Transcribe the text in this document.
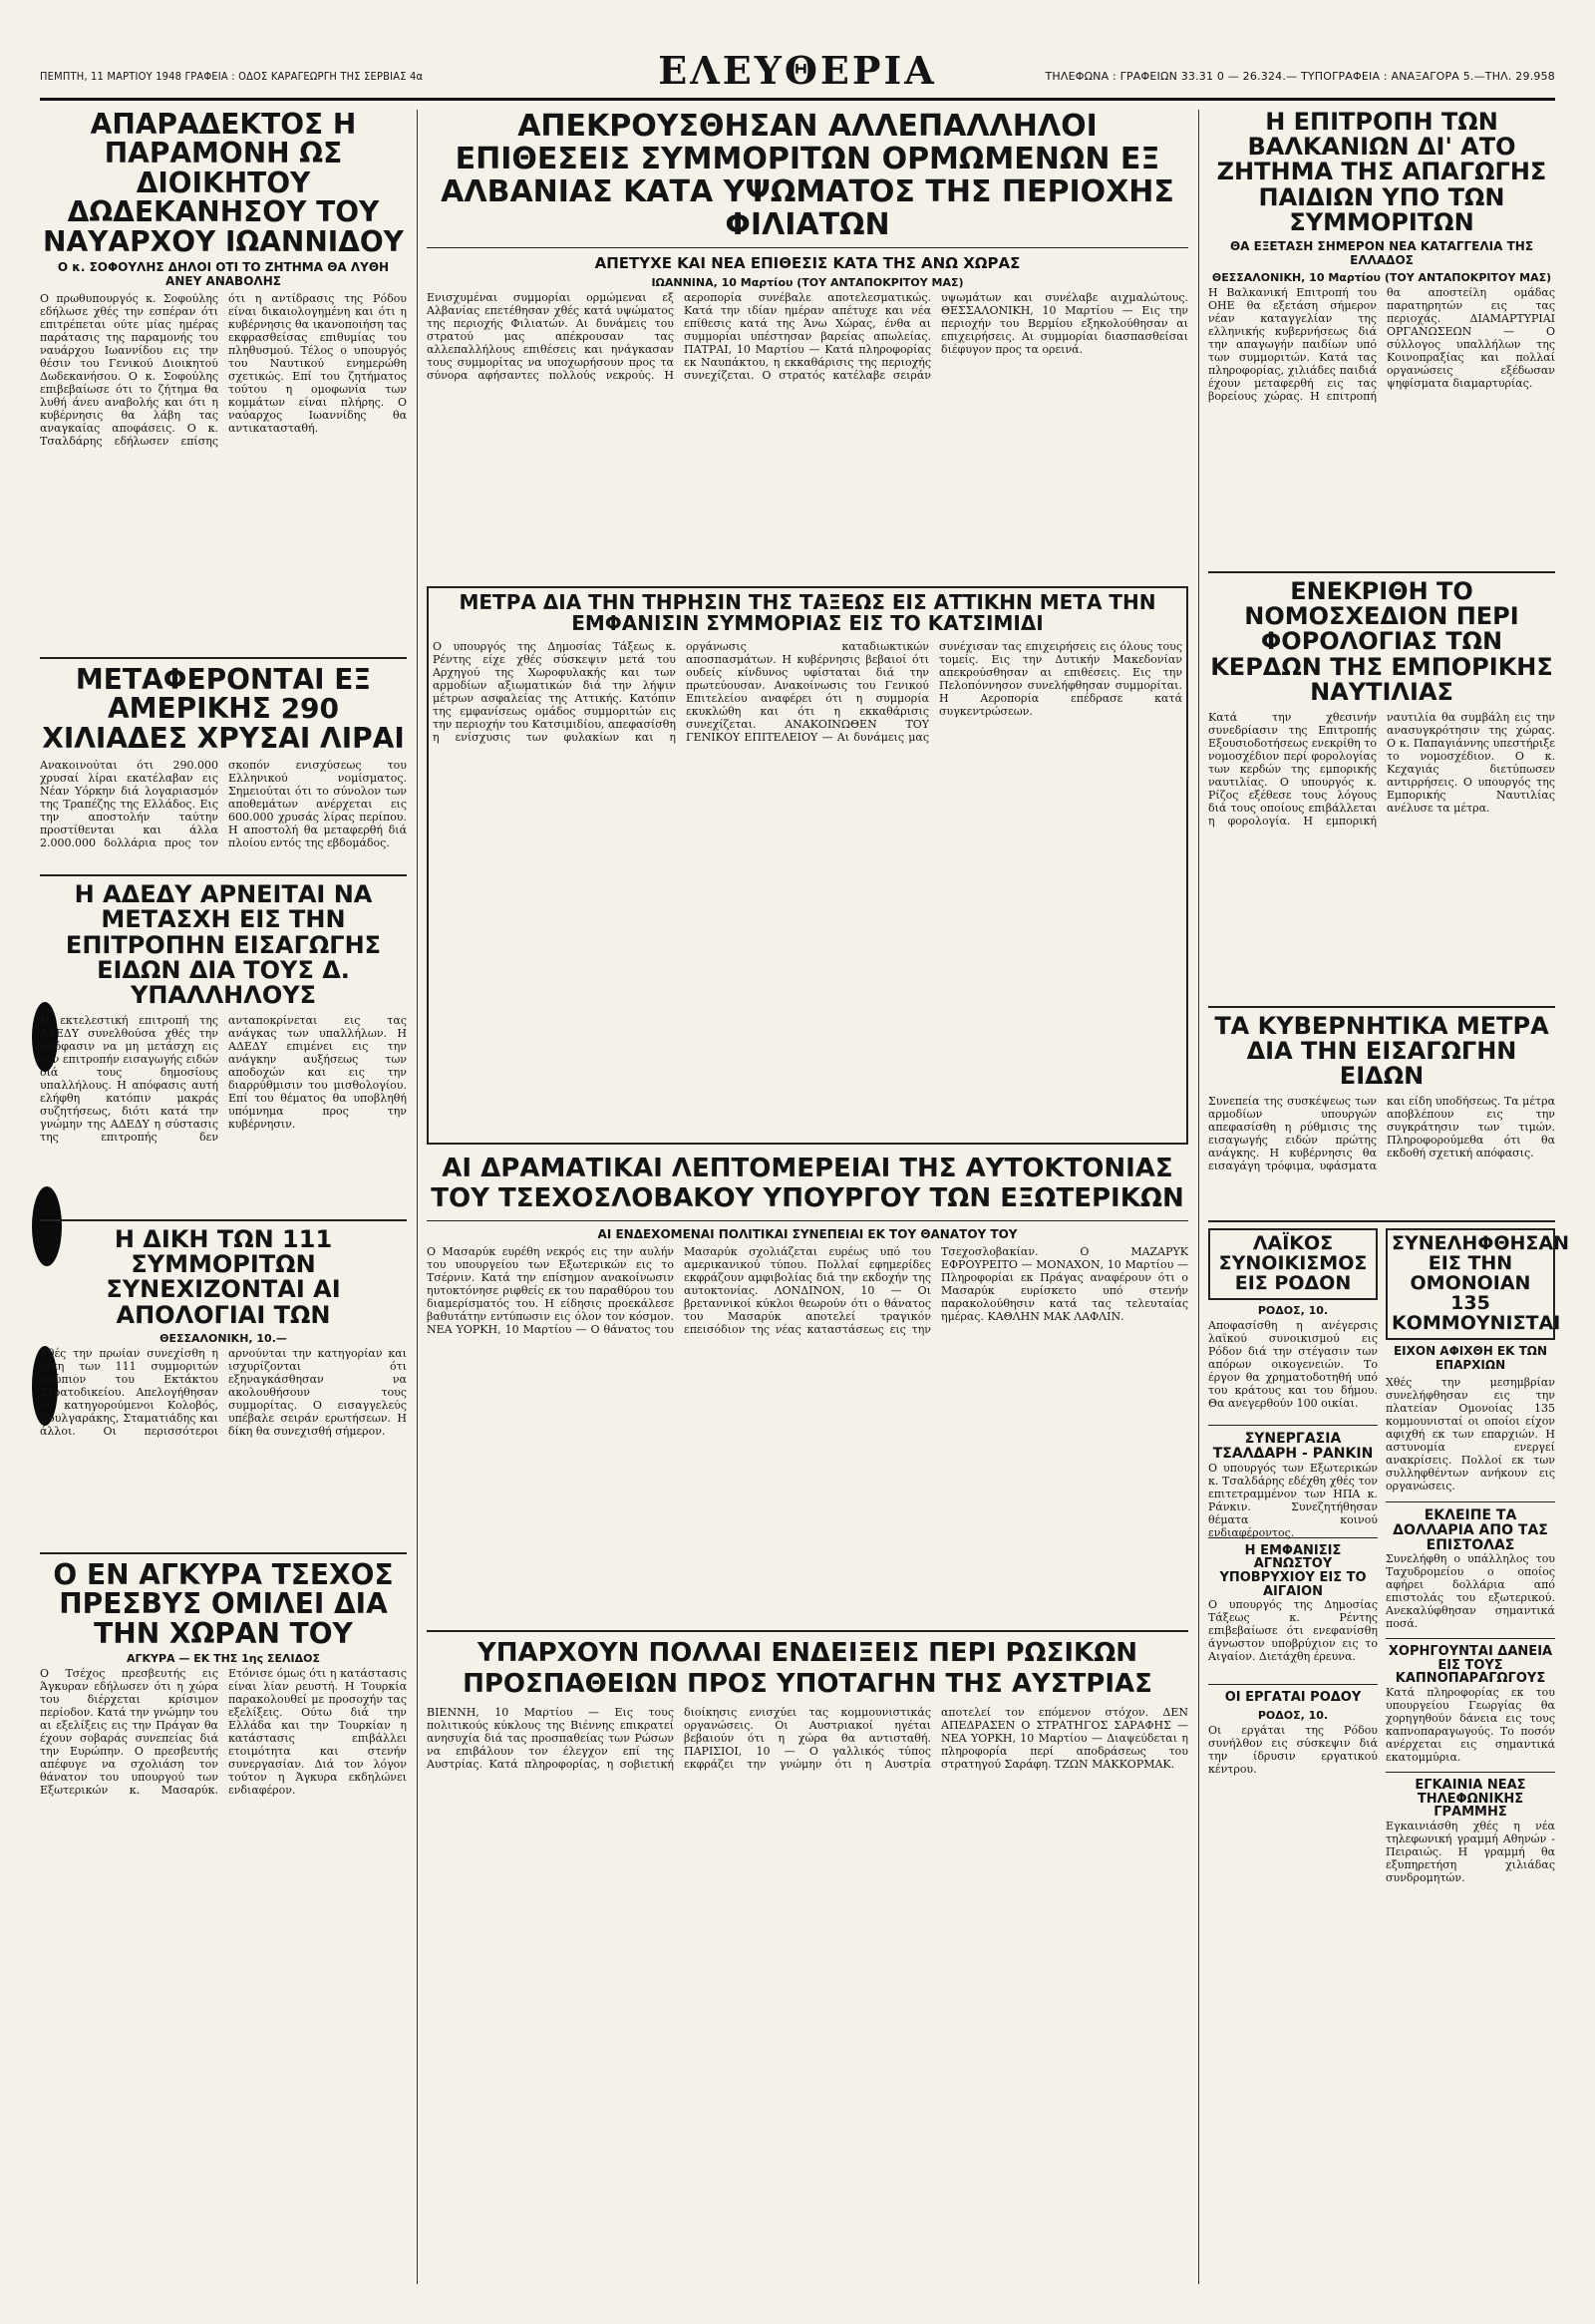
ΠΕΜΠΤΗ, 11 ΜΑΡΤΙΟΥ 1948 ΓΡΑΦΕΙΑ : ΟΔΟΣ ΚΑΡΑΓΕΩΡΓΗ ΤΗΣ ΣΕΡΒΙΑΣ 4α	ΕΛΕΥΘΕΡΙΑ	ΤΗΛΕΦΩΝΑ : ΓΡΑΦΕΙΩΝ 33.31 0 — 26.324.— ΤΥΠΟΓΡΑΦΕΙΑ : ΑΝΑΞΑΓΟΡΑ 5.—ΤΗΛ. 29.958
ΑΠΑΡΑΔΕΚΤΟΣ Η ΠΑΡΑΜΟΝΗ ΩΣ ΔΙΟΙΚΗΤΟΥ ΔΩΔΕΚΑΝΗΣΟΥ ΤΟΥ ΝΑΥΑΡΧΟΥ ΙΩΑΝΝΙΔΟΥ
Ο κ. ΣΟΦΟΥΛΗΣ ΔΗΛΟΙ ΟΤΙ ΤΟ ΖΗΤΗΜΑ ΘΑ ΛΥΘΗ ΑΝΕΥ ΑΝΑΒΟΛΗΣ

Ο πρωθυπουργός κ. Σοφούλης εδήλωσε χθές την εσπέραν ότι επιτρέπεται ούτε μίας ημέρας παράτασις της παραμονής του ναυάρχου Ιωαννίδου εις την θέσιν του Γενικού Διοικητού Δωδεκανήσου. Ο κ. Σοφούλης επιβεβαίωσε ότι το ζήτημα θα λυθή άνευ αναβολής και ότι η κυβέρνησις θα λάβη τας αναγκαίας αποφάσεις. Ο κ. Τσαλδάρης εδήλωσεν επίσης ότι η αντίδρασις της Ρόδου είναι δικαιολογημένη και ότι η κυβέρνησις θα ικανοποιήση τας εκφρασθείσας επιθυμίας του πληθυσμού. Τέλος ο υπουργός του Ναυτικού ενημερώθη σχετικώς. Επί του ζητήματος τούτου η ομοφωνία των κομμάτων είναι πλήρης. Ο ναύαρχος Ιωαννίδης θα αντικατασταθή.

ΜΕΤΑΦΕΡΟΝΤΑΙ ΕΞ ΑΜΕΡΙΚΗΣ 290 ΧΙΛΙΑΔΕΣ ΧΡΥΣΑΙ ΛΙΡΑΙ

Ανακοινούται ότι 290.000 χρυσαί λίραι εκατέλαβαν εις Νέαν Υόρκην διά λογαριασμόν της Τραπέζης της Ελλάδος. Εις την αποστολήν ταύτην προστίθενται και άλλα 2.000.000 δολλάρια προς τον σκοπόν ενισχύσεως του Ελληνικού νομίσματος. Σημειούται ότι το σύνολον των αποθεμάτων ανέρχεται εις 600.000 χρυσάς λίρας περίπου. Η αποστολή θα μεταφερθή διά πλοίου εντός της εβδομάδος.

Η ΑΔΕΔΥ ΑΡΝΕΙΤΑΙ ΝΑ ΜΕΤΑΣΧΗ ΕΙΣ ΤΗΝ ΕΠΙΤΡΟΠΗΝ ΕΙΣΑΓΩΓΗΣ ΕΙΔΩΝ ΔΙΑ ΤΟΥΣ Δ. ΥΠΑΛΛΗΛΟΥΣ

Η εκτελεστική επιτροπή της ΑΔΕΔΥ συνελθούσα χθές την απόφασιν να μη μετάσχη εις την επιτροπήν εισαγωγής ειδών διά τους δημοσίους υπαλλήλους. Η απόφασις αυτή ελήφθη κατόπιν μακράς συζητήσεως, διότι κατά την γνώμην της ΑΔΕΔΥ η σύστασις της επιτροπής δεν ανταποκρίνεται εις τας ανάγκας των υπαλλήλων. Η ΑΔΕΔΥ επιμένει εις την ανάγκην αυξήσεως των αποδοχών και εις την διαρρύθμισιν του μισθολογίου. Επί του θέματος θα υποβληθή υπόμνημα προς την κυβέρνησιν.

Η ΔΙΚΗ ΤΩΝ 111 ΣΥΜΜΟΡΙΤΩΝ ΣΥΝΕΧΙΖΟΝΤΑΙ ΑΙ ΑΠΟΛΟΓΙΑΙ ΤΩΝ
ΘΕΣΣΑΛΟΝΙΚΗ, 10.—

Χθές την πρωίαν συνεχίσθη η δίκη των 111 συμμοριτών ενώπιον του Εκτάκτου Στρατοδικείου. Απελογήθησαν οι κατηγορούμενοι Κολοβός, Βουλγαράκης, Σταματιάδης και άλλοι. Οι περισσότεροι αρνούνται την κατηγορίαν και ισχυρίζονται ότι εξηναγκάσθησαν να ακολουθήσουν τους συμμορίτας. Ο εισαγγελεύς υπέβαλε σειράν ερωτήσεων. Η δίκη θα συνεχισθή σήμερον.

Ο ΕΝ ΑΓΚΥΡΑ ΤΣΕΧΟΣ ΠΡΕΣΒΥΣ ΟΜΙΛΕΙ ΔΙΑ ΤΗΝ ΧΩΡΑΝ ΤΟΥ
ΑΓΚΥΡΑ — ΕΚ ΤΗΣ 1ης ΣΕΛΙΔΟΣ

Ο Τσέχος πρεσβευτής εις Άγκυραν εδήλωσεν ότι η χώρα του διέρχεται κρίσιμον περίοδον. Κατά την γνώμην του αι εξελίξεις εις την Πράγαν θα έχουν σοβαράς συνεπείας διά την Ευρώπην. Ο πρεσβευτής απέφυγε να σχολιάση τον θάνατον του υπουργού των Εξωτερικών κ. Μασαρύκ. Ετόνισε όμως ότι η κατάστασις είναι λίαν ρευστή. Η Τουρκία παρακολουθεί με προσοχήν τας εξελίξεις. Ούτω διά την Ελλάδα και την Τουρκίαν η κατάστασις επιβάλλει ετοιμότητα και στενήν συνεργασίαν. Διά τον λόγον τούτον η Άγκυρα εκδηλώνει ενδιαφέρον.

ΑΠΕΚΡΟΥΣΘΗΣΑΝ ΑΛΛΕΠΑΛΛΗΛΟΙ ΕΠΙΘΕΣΕΙΣ ΣΥΜΜΟΡΙΤΩΝ ΟΡΜΩΜΕΝΩΝ ΕΞ ΑΛΒΑΝΙΑΣ ΚΑΤΑ ΥΨΩΜΑΤΟΣ ΤΗΣ ΠΕΡΙΟΧΗΣ ΦΙΛΙΑΤΩΝ
ΑΠΕΤΥΧΕ ΚΑΙ ΝΕΑ ΕΠΙΘΕΣΙΣ ΚΑΤΑ ΤΗΣ ΑΝΩ ΧΩΡΑΣ
ΙΩΑΝΝΙΝΑ, 10 Μαρτίου (ΤΟΥ ΑΝΤΑΠΟΚΡΙΤΟΥ ΜΑΣ)

Ενισχυμέναι συμμορίαι ορμώμεναι εξ Αλβανίας επετέθησαν χθές κατά υψώματος της περιοχής Φιλιατών. Αι δυνάμεις του στρατού μας απέκρουσαν τας αλλεπαλλήλους επιθέσεις και ηνάγκασαν τους συμμορίτας να υποχωρήσουν προς τα σύνορα αφήσαντες πολλούς νεκρούς. Η αεροπορία συνέβαλε αποτελεσματικώς. Κατά την ιδίαν ημέραν απέτυχε και νέα επίθεσις κατά της Άνω Χώρας, ένθα αι συμμορίαι υπέστησαν βαρείας απωλείας. ΠΑΤΡΑΙ, 10 Μαρτίου — Κατά πληροφορίας εκ Ναυπάκτου, η εκκαθάρισις της περιοχής συνεχίζεται. Ο στρατός κατέλαβε σειράν υψωμάτων και συνέλαβε αιχμαλώτους. ΘΕΣΣΑΛΟΝΙΚΗ, 10 Μαρτίου — Εις την περιοχήν του Βερμίου εξηκολούθησαν αι επιχειρήσεις. Αι συμμορίαι διασπασθείσαι διέφυγον προς τα ορεινά.

ΜΕΤΡΑ ΔΙΑ ΤΗΝ ΤΗΡΗΣΙΝ ΤΗΣ ΤΑΞΕΩΣ ΕΙΣ ΑΤΤΙΚΗΝ ΜΕΤΑ ΤΗΝ ΕΜΦΑΝΙΣΙΝ ΣΥΜΜΟΡΙΑΣ ΕΙΣ ΤΟ ΚΑΤΣΙΜΙΔΙ

Ο υπουργός της Δημοσίας Τάξεως κ. Ρέντης είχε χθές σύσκεψιν μετά του Αρχηγού της Χωροφυλακής και των αρμοδίων αξιωματικών διά την λήψιν μέτρων ασφαλείας της Αττικής. Κατόπιν της εμφανίσεως ομάδος συμμοριτών εις την περιοχήν του Κατσιμιδίου, απεφασίσθη η ενίσχυσις των φυλακίων και η οργάνωσις καταδιωκτικών αποσπασμάτων. Η κυβέρνησις βεβαιοί ότι ουδείς κίνδυνος υφίσταται διά την πρωτεύουσαν. Ανακοίνωσις του Γενικού Επιτελείου αναφέρει ότι η συμμορία εκυκλώθη και ότι η εκκαθάρισις συνεχίζεται. ΑΝΑΚΟΙΝΩΘΕΝ ΤΟΥ ΓΕΝΙΚΟΥ ΕΠΙΤΕΛΕΙΟΥ — Αι δυνάμεις μας συνέχισαν τας επιχειρήσεις εις όλους τους τομείς. Εις την Δυτικήν Μακεδονίαν απεκρούσθησαν αι επιθέσεις. Εις την Πελοπόννησον συνελήφθησαν συμμορίται. Η Αεροπορία επέδρασε κατά συγκεντρώσεων.

ΑΙ ΔΡΑΜΑΤΙΚΑΙ ΛΕΠΤΟΜΕΡΕΙΑΙ ΤΗΣ ΑΥΤΟΚΤΟΝΙΑΣ ΤΟΥ ΤΣΕΧΟΣΛΟΒΑΚΟΥ ΥΠΟΥΡΓΟΥ ΤΩΝ ΕΞΩΤΕΡΙΚΩΝ
ΑΙ ΕΝΔΕΧΟΜΕΝΑΙ ΠΟΛΙΤΙΚΑΙ ΣΥΝΕΠΕΙΑΙ ΕΚ ΤΟΥ ΘΑΝΑΤΟΥ ΤΟΥ

Ο Μασαρύκ ευρέθη νεκρός εις την αυλήν του υπουργείου των Εξωτερικών εις το Τσέρνιν. Κατά την επίσημον ανακοίνωσιν ηυτοκτόνησε ριφθείς εκ του παραθύρου του διαμερίσματός του. Η είδησις προεκάλεσε βαθυτάτην εντύπωσιν εις όλον τον κόσμον. ΝΕΑ ΥΟΡΚΗ, 10 Μαρτίου — Ο θάνατος του Μασαρύκ σχολιάζεται ευρέως υπό του αμερικανικού τύπου. Πολλαί εφημερίδες εκφράζουν αμφιβολίας διά την εκδοχήν της αυτοκτονίας. ΛΟΝΔΙΝΟΝ, 10 — Οι βρεταννικοί κύκλοι θεωρούν ότι ο θάνατος του Μασαρύκ αποτελεί τραγικόν επεισόδιον της νέας καταστάσεως εις την Τσεχοσλοβακίαν. Ο ΜΑΖΑΡΥΚ ΕΦΡΟΥΡΕΙΤΟ — ΜΟΝΑΧΟΝ, 10 Μαρτίου — Πληροφορίαι εκ Πράγας αναφέρουν ότι ο Μασαρύκ ευρίσκετο υπό στενήν παρακολούθησιν κατά τας τελευταίας ημέρας. ΚΑΘΛΗΝ ΜΑΚ ΛΑΦΛΙΝ.

ΥΠΑΡΧΟΥΝ ΠΟΛΛΑΙ ΕΝΔΕΙΞΕΙΣ ΠΕΡΙ ΡΩΣΙΚΩΝ ΠΡΟΣΠΑΘΕΙΩΝ ΠΡΟΣ ΥΠΟΤΑΓΗΝ ΤΗΣ ΑΥΣΤΡΙΑΣ

ΒΙΕΝΝΗ, 10 Μαρτίου — Εις τους πολιτικούς κύκλους της Βιέννης επικρατεί ανησυχία διά τας προσπαθείας των Ρώσων να επιβάλουν τον έλεγχον επί της Αυστρίας. Κατά πληροφορίας, η σοβιετική διοίκησις ενισχύει τας κομμουνιστικάς οργανώσεις. Οι Αυστριακοί ηγέται βεβαιούν ότι η χώρα θα αντισταθή. ΠΑΡΙΣΙΟΙ, 10 — Ο γαλλικός τύπος εκφράζει την γνώμην ότι η Αυστρία αποτελεί τον επόμενον στόχον. ΔΕΝ ΑΠΕΔΡΑΣΕΝ Ο ΣΤΡΑΤΗΓΟΣ ΣΑΡΑΦΗΣ — ΝΕΑ ΥΟΡΚΗ, 10 Μαρτίου — Διαψεύδεται η πληροφορία περί αποδράσεως του στρατηγού Σαράφη. ΤΖΩΝ ΜΑΚΚΟΡΜΑΚ.

Η ΕΠΙΤΡΟΠΗ ΤΩΝ ΒΑΛΚΑΝΙΩΝ ΔΙ' ΑΤΟ ΖΗΤΗΜΑ ΤΗΣ ΑΠΑΓΩΓΗΣ ΠΑΙΔΙΩΝ ΥΠΟ ΤΩΝ ΣΥΜΜΟΡΙΤΩΝ
ΘΑ ΕΞΕΤΑΣΗ ΣΗΜΕΡΟΝ ΝΕΑ ΚΑΤΑΓΓΕΛΙΑ ΤΗΣ ΕΛΛΑΔΟΣ
ΘΕΣΣΑΛΟΝΙΚΗ, 10 Μαρτίου (ΤΟΥ ΑΝΤΑΠΟΚΡΙΤΟΥ ΜΑΣ)

Η Βαλκανική Επιτροπή του ΟΗΕ θα εξετάση σήμερον νέαν καταγγελίαν της ελληνικής κυβερνήσεως διά την απαγωγήν παιδίων υπό των συμμοριτών. Κατά τας πληροφορίας, χιλιάδες παιδιά έχουν μεταφερθή εις τας βορείους χώρας. Η επιτροπή θα αποστείλη ομάδας παρατηρητών εις τας περιοχάς. ΔΙΑΜΑΡΤΥΡΙΑΙ ΟΡΓΑΝΩΣΕΩΝ — Ο σύλλογος υπαλλήλων της Κοινοπραξίας και πολλαί οργανώσεις εξέδωσαν ψηφίσματα διαμαρτυρίας.

ΕΝΕΚΡΙΘΗ ΤΟ ΝΟΜΟΣΧΕΔΙΟΝ ΠΕΡΙ ΦΟΡΟΛΟΓΙΑΣ ΤΩΝ ΚΕΡΔΩΝ ΤΗΣ ΕΜΠΟΡΙΚΗΣ ΝΑΥΤΙΛΙΑΣ

Κατά την χθεσινήν συνεδρίασιν της Επιτροπής Εξουσιοδοτήσεως ενεκρίθη το νομοσχέδιον περί φορολογίας των κερδών της εμπορικής ναυτιλίας. Ο υπουργός κ. Ρίζος εξέθεσε τους λόγους διά τους οποίους επιβάλλεται η φορολογία. Η εμπορική ναυτιλία θα συμβάλη εις την ανασυγκρότησιν της χώρας. Ο κ. Παπαγιάννης υπεστήριξε το νομοσχέδιον. Ο κ. Κεχαγιάς διετύπωσεν αντιρρήσεις. Ο υπουργός της Εμπορικής Ναυτιλίας ανέλυσε τα μέτρα.

ΤΑ ΚΥΒΕΡΝΗΤΙΚΑ ΜΕΤΡΑ ΔΙΑ ΤΗΝ ΕΙΣΑΓΩΓΗΝ ΕΙΔΩΝ

Συνεπεία της συσκέψεως των αρμοδίων υπουργών απεφασίσθη η ρύθμισις της εισαγωγής ειδών πρώτης ανάγκης. Η κυβέρνησις θα εισαγάγη τρόφιμα, υφάσματα και είδη υποδήσεως. Τα μέτρα αποβλέπουν εις την συγκράτησιν των τιμών. Πληροφορούμεθα ότι θα εκδοθή σχετική απόφασις.

ΛΑΪΚΟΣ ΣΥΝΟΙΚΙΣΜΟΣ ΕΙΣ ΡΟΔΟΝ
ΡΟΔΟΣ, 10.

Αποφασίσθη η ανέγερσις λαϊκού συνοικισμού εις Ρόδον διά την στέγασιν των απόρων οικογενειών. Το έργον θα χρηματοδοτηθή υπό του κράτους και του δήμου. Θα ανεγερθούν 100 οικίαι.

ΣΥΝΕΡΓΑΣΙΑ ΤΣΑΛΔΑΡΗ - ΡΑΝΚΙΝ

Ο υπουργός των Εξωτερικών κ. Τσαλδάρης εδέχθη χθές τον επιτετραμμένον των ΗΠΑ κ. Ράνκιν. Συνεζητήθησαν θέματα κοινού ενδιαφέροντος.

Η ΕΜΦΑΝΙΣΙΣ ΑΓΝΩΣΤΟΥ ΥΠΟΒΡΥΧΙΟΥ ΕΙΣ ΤΟ ΑΙΓΑΙΟΝ

Ο υπουργός της Δημοσίας Τάξεως κ. Ρέντης επιβεβαίωσε ότι ενεφανίσθη άγνωστον υποβρύχιον εις το Αιγαίον. Διετάχθη έρευνα.

ΟΙ ΕΡΓΑΤΑΙ ΡΟΔΟΥ
ΡΟΔΟΣ, 10.

Οι εργάται της Ρόδου συνήλθον εις σύσκεψιν διά την ίδρυσιν εργατικού κέντρου.

ΣΥΝΕΛΗΦΘΗΣΑΝ ΕΙΣ ΤΗΝ ΟΜΟΝΟΙΑΝ 135 ΚΟΜΜΟΥΝΙΣΤΑΙ
ΕΙΧΟΝ ΑΦΙΧΘΗ ΕΚ ΤΩΝ ΕΠΑΡΧΙΩΝ

Χθές την μεσημβρίαν συνελήφθησαν εις την πλατείαν Ομονοίας 135 κομμουνισταί οι οποίοι είχον αφιχθή εκ των επαρχιών. Η αστυνομία ενεργεί ανακρίσεις. Πολλοί εκ των συλληφθέντων ανήκουν εις οργανώσεις.

ΕΚΛΕΙΠΕ ΤΑ ΔΟΛΛΑΡΙΑ ΑΠΟ ΤΑΣ ΕΠΙΣΤΟΛΑΣ

Συνελήφθη ο υπάλληλος του Ταχυδρομείου ο οποίος αφήρει δολλάρια από επιστολάς του εξωτερικού. Ανεκαλύφθησαν σημαντικά ποσά.

ΧΟΡΗΓΟΥΝΤΑΙ ΔΑΝΕΙΑ ΕΙΣ ΤΟΥΣ ΚΑΠΝΟΠΑΡΑΓΩΓΟΥΣ

Κατά πληροφορίας εκ του υπουργείου Γεωργίας θα χορηγηθούν δάνεια εις τους καπνοπαραγωγούς. Το ποσόν ανέρχεται εις σημαντικά εκατομμύρια.

ΕΓΚΑΙΝΙΑ ΝΕΑΣ ΤΗΛΕΦΩΝΙΚΗΣ ΓΡΑΜΜΗΣ

Εγκαινιάσθη χθές η νέα τηλεφωνική γραμμή Αθηνών - Πειραιώς. Η γραμμή θα εξυπηρετήση χιλιάδας συνδρομητών.
